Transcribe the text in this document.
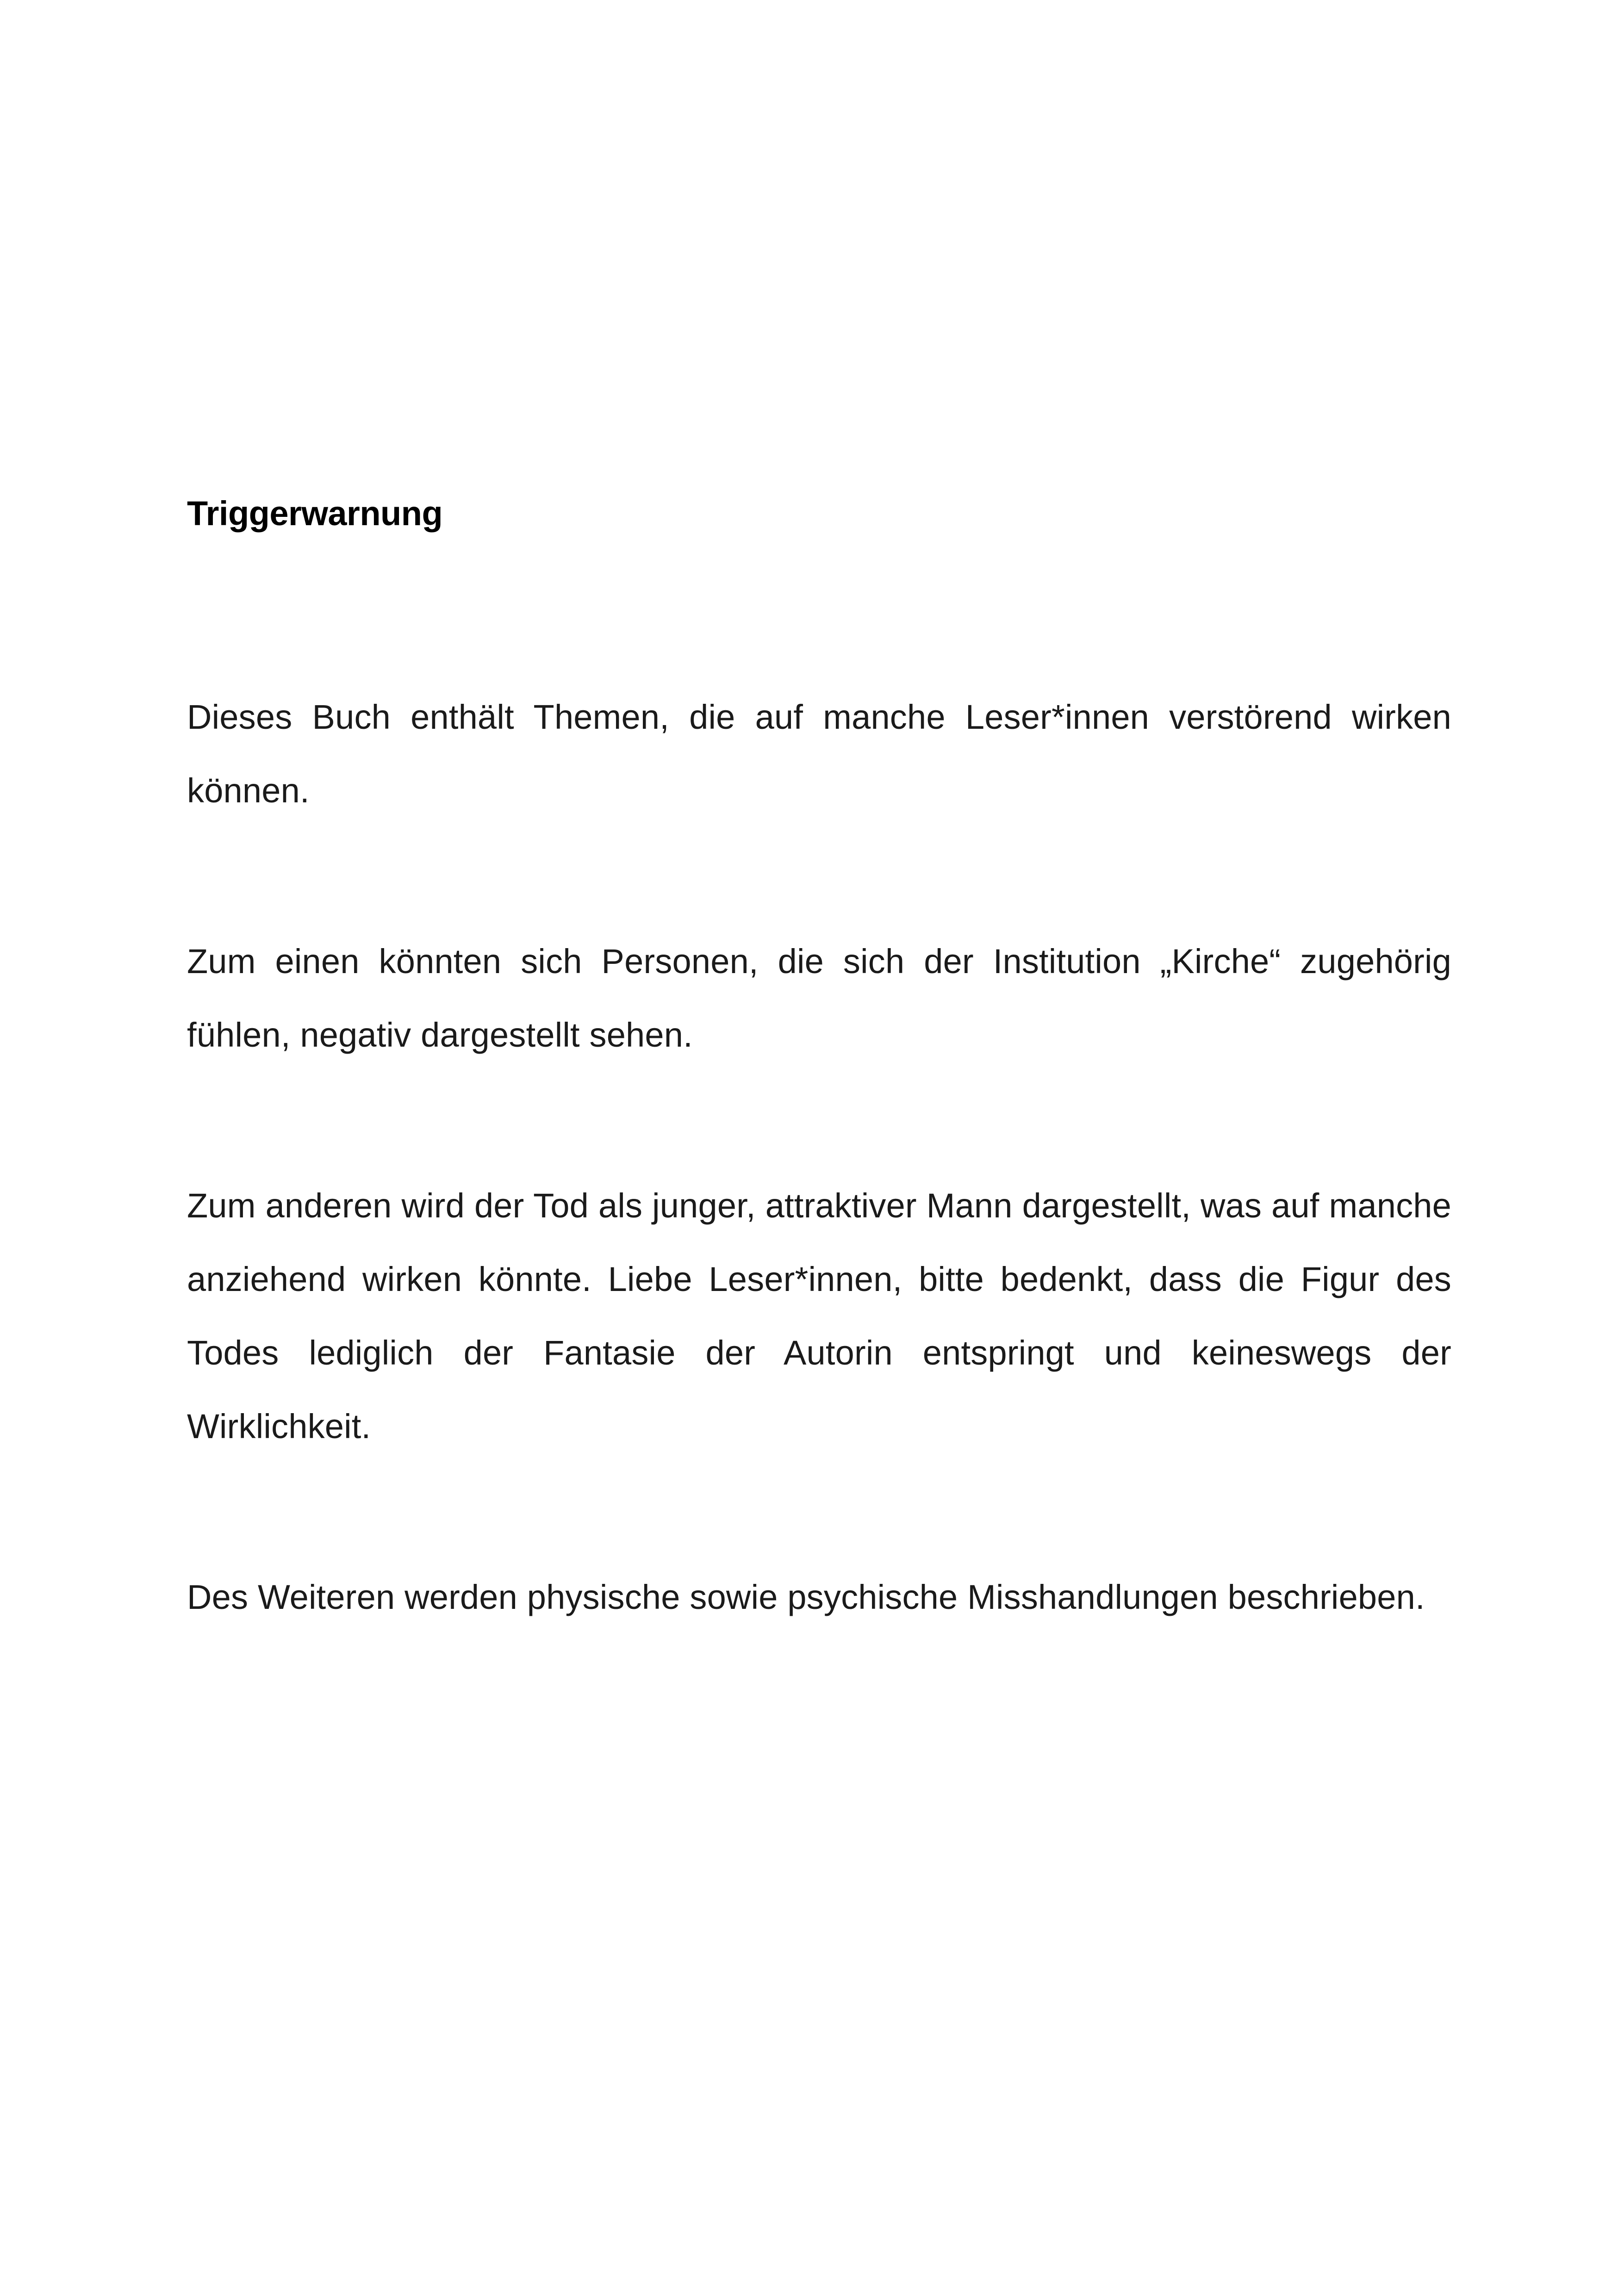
Triggerwarnung

Dieses Buch enthält Themen, die auf manche Leser*innen verstörend wirken können.

Zum einen könnten sich Personen, die sich der Institution „Kirche“ zugehörig fühlen, negativ dargestellt sehen.

Zum anderen wird der Tod als junger, attraktiver Mann dargestellt, was auf manche anziehend wirken könnte. Liebe Leser*innen, bitte bedenkt, dass die Figur des Todes lediglich der Fantasie der Autorin entspringt und keineswegs der Wirklichkeit.

Des Weiteren werden physische sowie psychische Misshandlungen beschrieben.
